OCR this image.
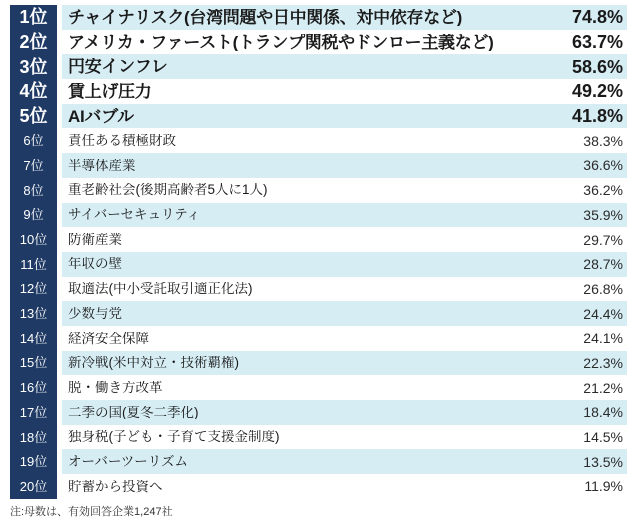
1位	チャイナリスク(台湾問題や日中関係、対中依存など)	74.8%
2位	アメリカ・ファースト(トランプ関税やドンロー主義など)	63.7%
3位	円安インフレ	58.6%
4位	賃上げ圧力	49.2%
5位	AIバブル	41.8%
6位	責任ある積極財政	38.3%
7位	半導体産業	36.6%
8位	重老齢社会(後期高齢者5人に1人)	36.2%
9位	サイバーセキュリティ	35.9%
10位	防衛産業	29.7%
11位	年収の壁	28.7%
12位	取適法(中小受託取引適正化法)	26.8%
13位	少数与党	24.4%
14位	経済安全保障	24.1%
15位	新冷戦(米中対立・技術覇権)	22.3%
16位	脱・働き方改革	21.2%
17位	二季の国(夏冬二季化)	18.4%
18位	独身税(子ども・子育て支援金制度)	14.5%
19位	オーバーツーリズム	13.5%
20位	貯蓄から投資へ	11.9%
注:母数は、有効回答企業1,247社
